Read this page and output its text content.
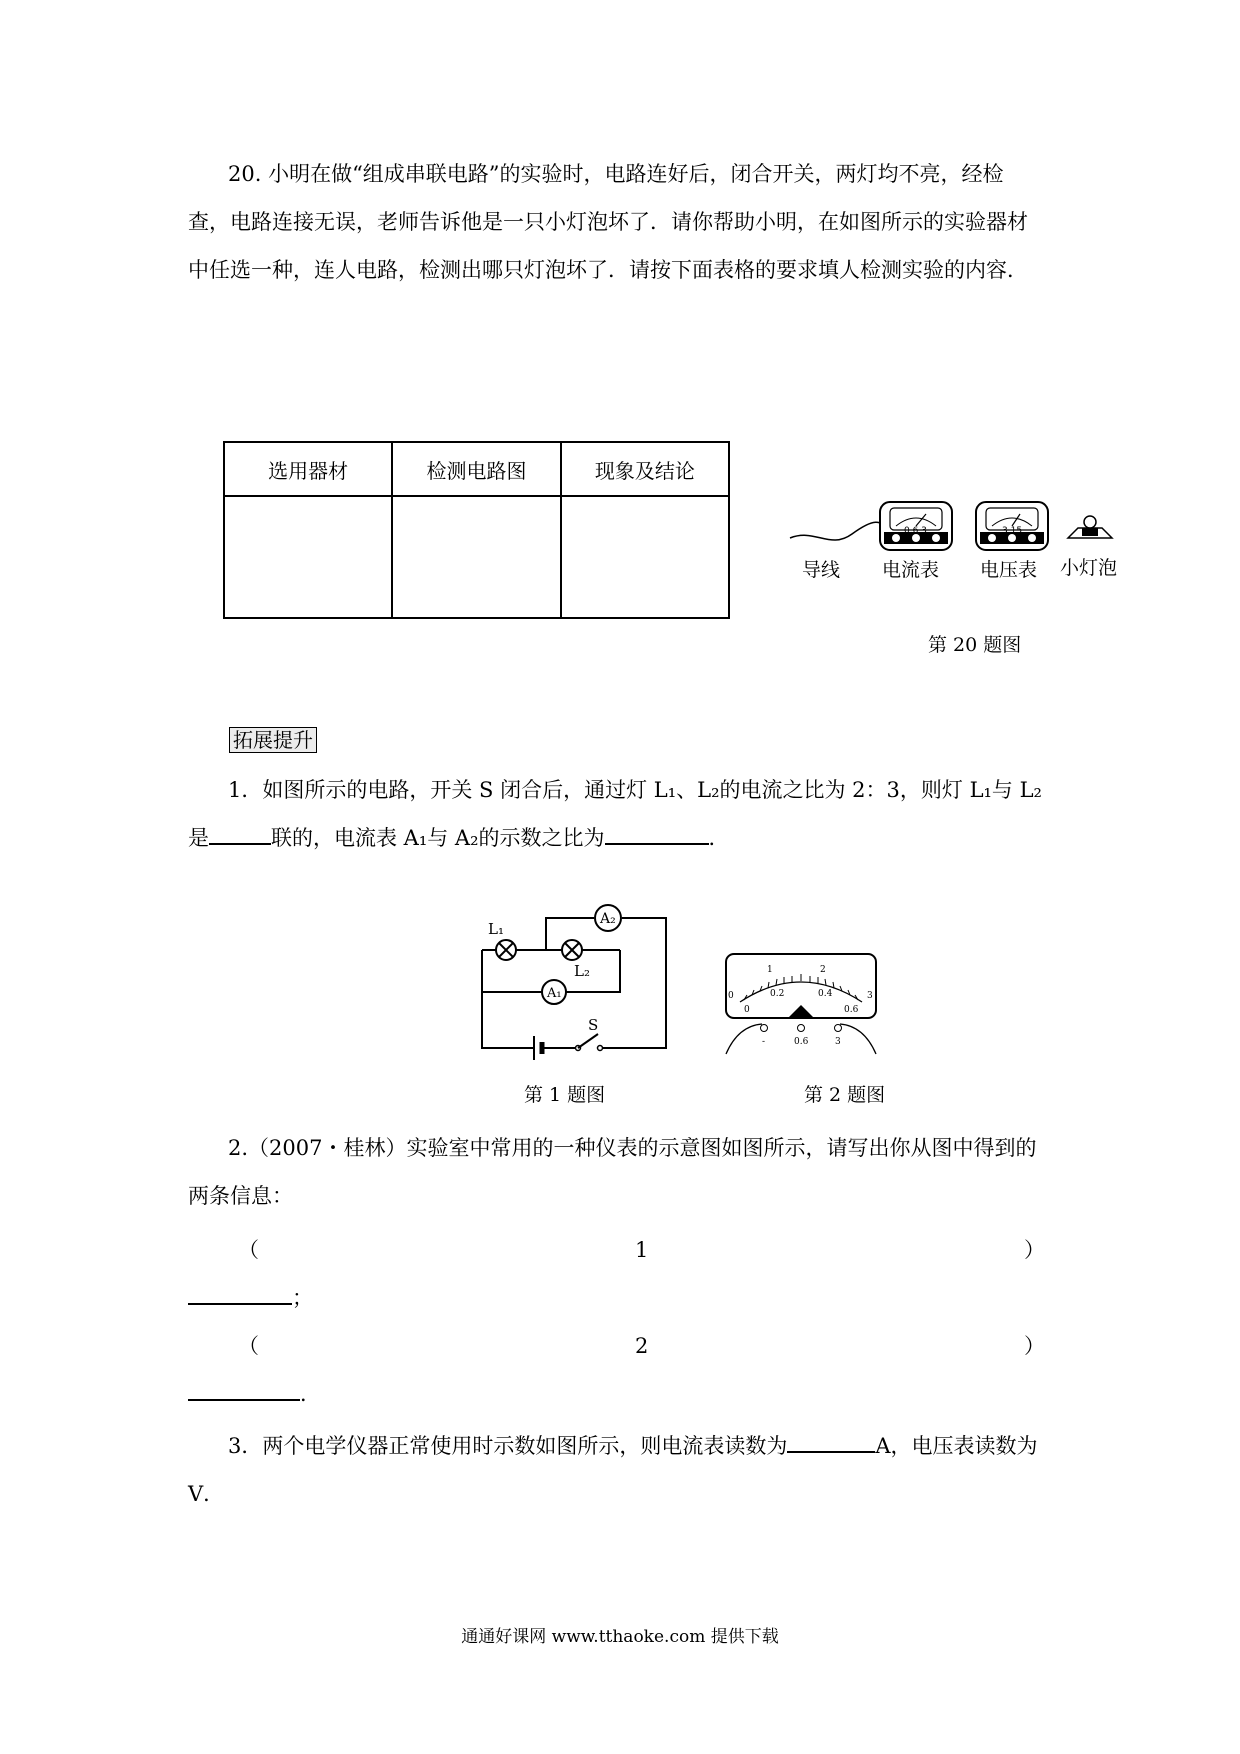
20. 小明在做“组成串联电路”的实验时，电路连好后，闭合开关，两灯均不亮，经检
查，电路连接无误，老师告诉他是一只小灯泡坏了．请你帮助小明，在如图所示的实验器材
中任选一种，连人电路，检测出哪只灯泡坏了．请按下面表格的要求填人检测实验的内容．
选用器材	检测电路图	现象及结论

0.6 3	3 15
导线 电流表 电压表 小灯泡
第 20 题图
拓展提升
1．如图所示的电路，开关 S 闭合后，通过灯 L₁、L₂的电流之比为 2：3，则灯 L₁与 L₂
是	联的，电流表 A₁与 A₂的示数之比为	．
L₁
L₂
A₂
A₁
S
第 1 题图
0
1	2
3
0
0.2	0.4
0.6
-	0.6	3
第 2 题图
2.（2007・桂林）实验室中常用的一种仪表的示意图如图所示，请写出你从图中得到的
两条信息：
（	1	）
；
（	2	）
．
3．两个电学仪器正常使用时示数如图所示，则电流表读数为	A，电压表读数为
V．
通通好课网 www.tthaoke.com 提供下载
